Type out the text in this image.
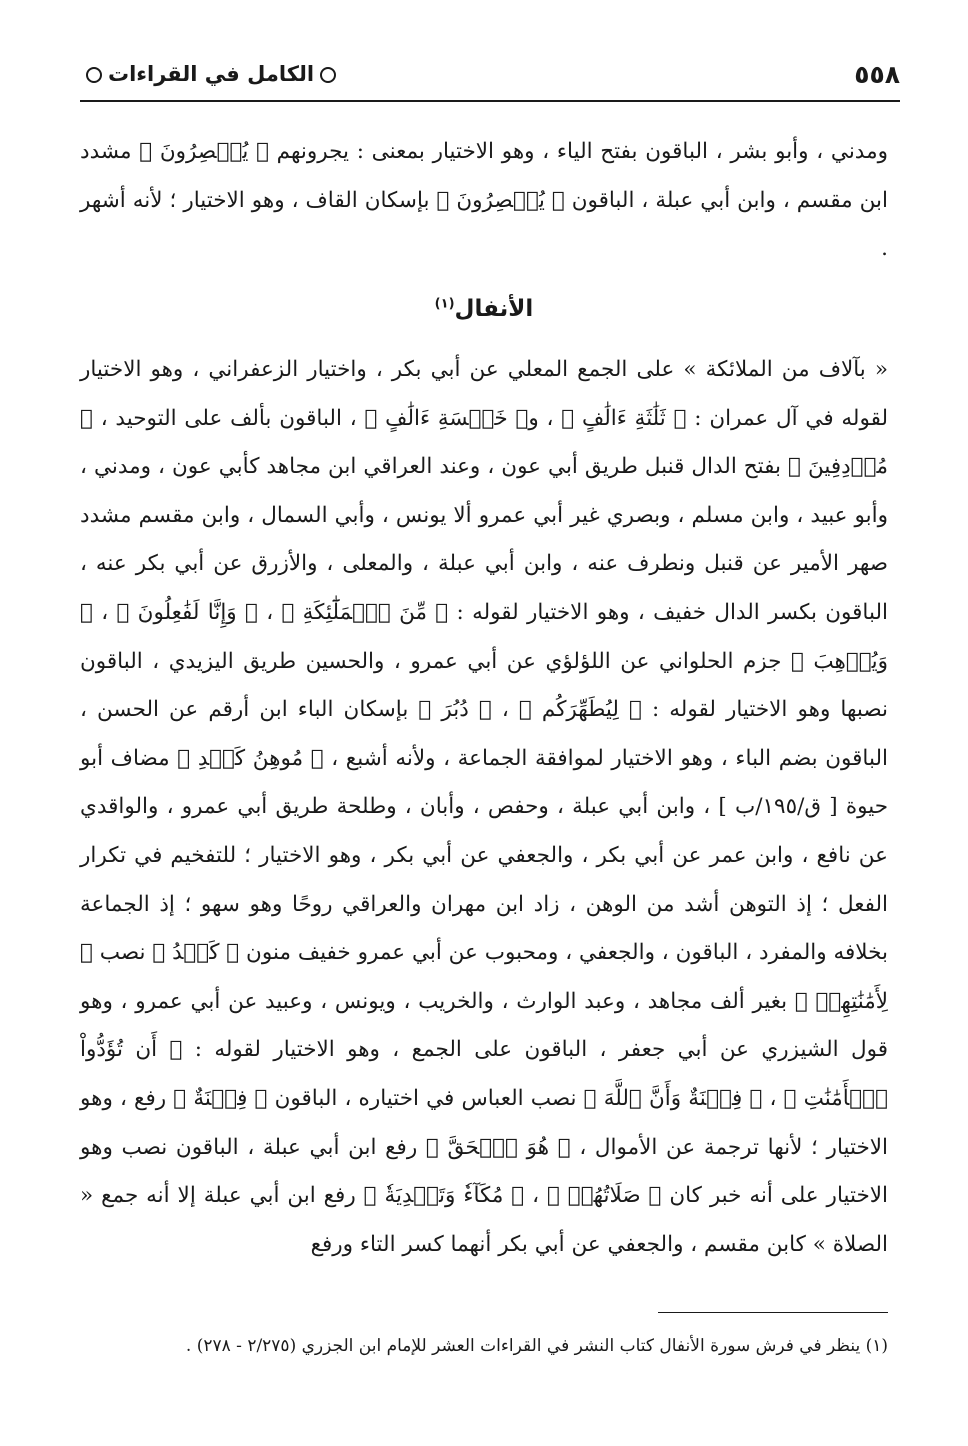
٥٥٨
الكامل في القراءات

ومدني ، وأبو بشر ، الباقون بفتح الياء ، وهو الاختيار بمعنى : يجرونهم ﴿ يُقۡصِرُونَ ﴾ مشدد ابن مقسم ، وابن أبي عبلة ، الباقون ﴿ يُقۡصِرُونَ ﴾ بإسكان القاف ، وهو الاختيار ؛ لأنه أشهر .

الأنفال$^{(١)}$

« بآلاف من الملائكة » على الجمع المعلي عن أبي بكر ، واختيار الزعفراني ، وهو الاختيار لقوله في آل عمران : ﴿ ثَلَٰثَةِ ءَالَٰفٍ ﴾ ، و﴿ خَمۡسَةِ ءَالَٰفٍ ﴾ ، الباقون بألف على التوحيد ، ﴿ مُرۡدِفِينَ ﴾ بفتح الدال قنبل طريق أبي عون ، وعند العراقي ابن مجاهد كأبي عون ، ومدني ، وأبو عبيد ، وابن مسلم ، وبصري غير أبي عمرو ألا يونس ، وأبي السمال ، وابن مقسم مشدد صهر الأمير عن قنبل ونطرف عنه ، وابن أبي عبلة ، والمعلى ، والأزرق عن أبي بكر عنه ، الباقون بكسر الدال خفيف ، وهو الاختيار لقوله : ﴿ مِّنَ ٱلۡمَلَٰٓئِكَةِ ﴾ ، ﴿ وَإِنَّا لَفَٰعِلُونَ ﴾ ، ﴿ وَيُذۡهِبَ ﴾ جزم الحلواني عن اللؤلؤي عن أبي عمرو ، والحسين طريق اليزيدي ، الباقون نصبها وهو الاختيار لقوله : ﴿ لِيُطَهِّرَكُم ﴾ ، ﴿ دُبُرَ ﴾ بإسكان الباء ابن أرقم عن الحسن ، الباقون بضم الباء ، وهو الاختيار لموافقة الجماعة ، ولأنه أشبع ، ﴿ مُوهِنُ كَيۡدِ ﴾ مضاف أبو حيوة [ ق/١٩٥/ب ] ، وابن أبي عبلة ، وحفص ، وأبان ، وطلحة طريق أبي عمرو ، والواقدي عن نافع ، وابن عمر عن أبي بكر ، والجعفي عن أبي بكر ، وهو الاختيار ؛ للتفخيم في تكرار الفعل ؛ إذ التوهن أشد من الوهن ، زاد ابن مهران والعراقي روحًا وهو سهو ؛ إذ الجماعة بخلافه والمفرد ، الباقون ، والجعفي ، ومحبوب عن أبي عمرو خفيف منون ﴿ كَيۡدُ ﴾ نصب ﴿ لِأَمَٰنَٰتِهِمۡ ﴾ بغير ألف مجاهد ، وعبد الوارث ، والخريب ، ويونس ، وعبيد عن أبي عمرو ، وهو قول الشيزري عن أبي جعفر ، الباقون على الجمع ، وهو الاختيار لقوله : ﴿ أَن تُؤَدُّواْ ٱلۡأَمَٰنَٰتِ ﴾ ، ﴿ فِتۡنَةٌ وَأَنَّ ٱللَّهَ ﴾ نصب العباس في اختياره ، الباقون ﴿ فِتۡنَةٌ ﴾ رفع ، وهو الاختيار ؛ لأنها ترجمة عن الأموال ، ﴿ هُوَ ٱلۡحَقَّ ﴾ رفع ابن أبي عبلة ، الباقون نصب وهو الاختيار على أنه خبر كان ﴿ صَلَاتُهُمۡ ﴾ ، ﴿ مُكَآءٗ وَتَصۡدِيَةٗ ﴾ رفع ابن أبي عبلة إلا أنه جمع « الصلاة » كابن مقسم ، والجعفي عن أبي بكر أنهما كسر التاء ورفع

(١) ينظر في فرش سورة الأنفال كتاب النشر في القراءات العشر للإمام ابن الجزري (٢/٢٧٥ - ٢٧٨) .
